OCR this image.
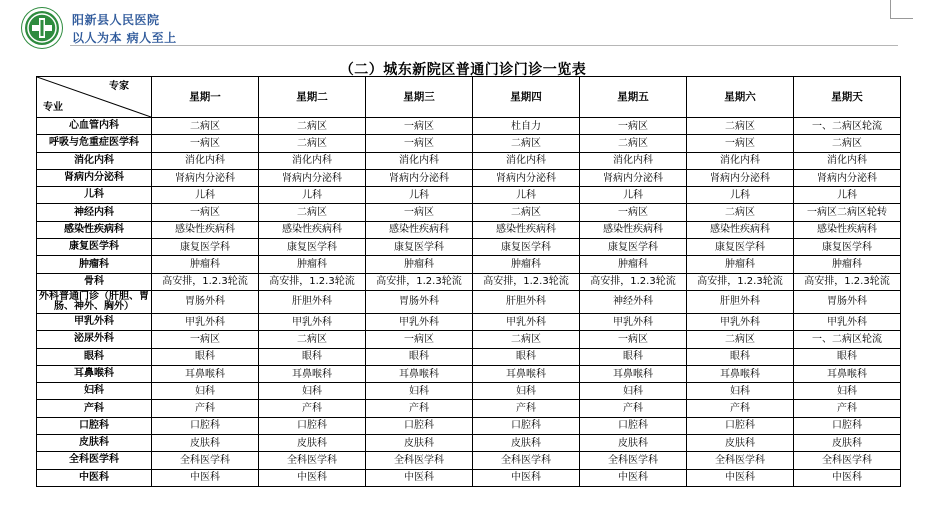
阳新县人民医院
以人为本 病人至上
（二）城东新院区普通门诊门诊一览表
专家
专业	星期一	星期二	星期三	星期四	星期五	星期六	星期天
心血管内科	二病区	二病区	一病区	杜自力	一病区	二病区	一、二病区轮流
呼吸与危重症医学科	一病区	二病区	一病区	二病区	二病区	一病区	二病区
消化内科	消化内科	消化内科	消化内科	消化内科	消化内科	消化内科	消化内科
肾病内分泌科	肾病内分泌科	肾病内分泌科	肾病内分泌科	肾病内分泌科	肾病内分泌科	肾病内分泌科	肾病内分泌科
儿科	儿科	儿科	儿科	儿科	儿科	儿科	儿科
神经内科	一病区	二病区	一病区	二病区	一病区	二病区	一病区二病区轮转
感染性疾病科	感染性疾病科	感染性疾病科	感染性疾病科	感染性疾病科	感染性疾病科	感染性疾病科	感染性疾病科
康复医学科	康复医学科	康复医学科	康复医学科	康复医学科	康复医学科	康复医学科	康复医学科
肿瘤科	肿瘤科	肿瘤科	肿瘤科	肿瘤科	肿瘤科	肿瘤科	肿瘤科
骨科	高安排，1.2.3轮流	高安排，1.2.3轮流	高安排，1.2.3轮流	高安排，1.2.3轮流	高安排，1.2.3轮流	高安排，1.2.3轮流	高安排，1.2.3轮流
外科普通门诊（肝胆、胃肠、神外、胸外）	胃肠外科	肝胆外科	胃肠外科	肝胆外科	神经外科	肝胆外科	胃肠外科
甲乳外科	甲乳外科	甲乳外科	甲乳外科	甲乳外科	甲乳外科	甲乳外科	甲乳外科
泌尿外科	一病区	二病区	一病区	二病区	一病区	二病区	一、二病区轮流
眼科	眼科	眼科	眼科	眼科	眼科	眼科	眼科
耳鼻喉科	耳鼻喉科	耳鼻喉科	耳鼻喉科	耳鼻喉科	耳鼻喉科	耳鼻喉科	耳鼻喉科
妇科	妇科	妇科	妇科	妇科	妇科	妇科	妇科
产科	产科	产科	产科	产科	产科	产科	产科
口腔科	口腔科	口腔科	口腔科	口腔科	口腔科	口腔科	口腔科
皮肤科	皮肤科	皮肤科	皮肤科	皮肤科	皮肤科	皮肤科	皮肤科
全科医学科	全科医学科	全科医学科	全科医学科	全科医学科	全科医学科	全科医学科	全科医学科
中医科	中医科	中医科	中医科	中医科	中医科	中医科	中医科
